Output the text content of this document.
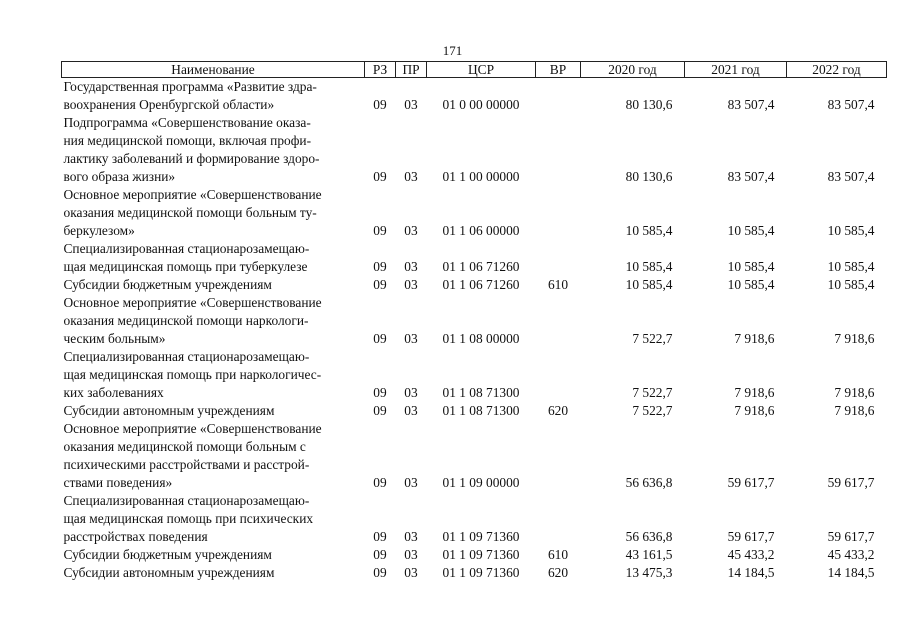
171
Наименование	РЗ	ПР	ЦСР	ВР	2020 год	2021 год	2022 год

Государственная программа «Развитие здра-
воохранения Оренбургской области»	09	03	01 0 00 00000		80 130,6	83 507,4	83 507,4

Подпрограмма «Совершенствование оказа-
ния медицинской помощи, включая профи-
лактику заболеваний и формирование здоро-
вого образа жизни»	09	03	01 1 00 00000		80 130,6	83 507,4	83 507,4

Основное мероприятие «Совершенствование
оказания медицинской помощи больным ту-
беркулезом»	09	03	01 1 06 00000		10 585,4	10 585,4	10 585,4

Специализированная стационарозамещаю-
щая медицинская помощь при туберкулезе	09	03	01 1 06 71260		10 585,4	10 585,4	10 585,4

Субсидии бюджетным учреждениям	09	03	01 1 06 71260	610	10 585,4	10 585,4	10 585,4

Основное мероприятие «Совершенствование
оказания медицинской помощи наркологи-
ческим больным»	09	03	01 1 08 00000		7 522,7	7 918,6	7 918,6

Специализированная стационарозамещаю-
щая медицинская помощь при наркологичес-
ких заболеваниях	09	03	01 1 08 71300		7 522,7	7 918,6	7 918,6

Субсидии автономным учреждениям	09	03	01 1 08 71300	620	7 522,7	7 918,6	7 918,6

Основное мероприятие «Совершенствование
оказания медицинской помощи больным с
психическими расстройствами и расстрой-
ствами поведения»	09	03	01 1 09 00000		56 636,8	59 617,7	59 617,7

Специализированная стационарозамещаю-
щая медицинская помощь при психических
расстройствах поведения	09	03	01 1 09 71360		56 636,8	59 617,7	59 617,7

Субсидии бюджетным учреждениям	09	03	01 1 09 71360	610	43 161,5	45 433,2	45 433,2

Субсидии автономным учреждениям	09	03	01 1 09 71360	620	13 475,3	14 184,5	14 184,5
